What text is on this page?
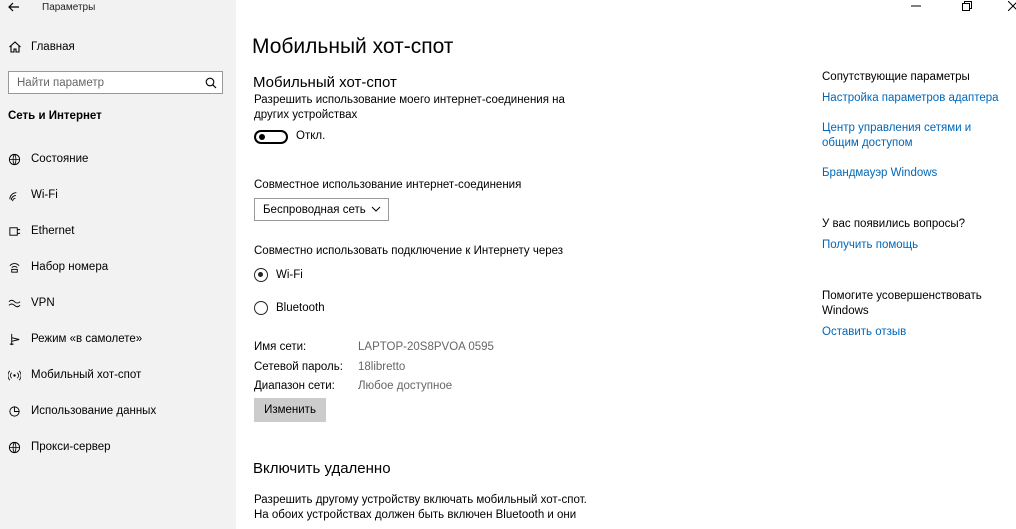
Параметры
Главная
Найти параметр
Сеть и Интернет
Состояние
Wi-Fi
Ethernet
Набор номера
VPN
Режим «в самолете»
Мобильный хот-спот
Использование данных
Прокси-сервер
Мобильный хот-спот
Мобильный хот-спот
Разрешить использование моего интернет-соединения на других устройствах
Откл.
Совместное использование интернет-соединения
Беспроводная сеть
Совместно использовать подключение к Интернету через
Wi-Fi
Bluetooth
Имя сети:	LAPTOP-20S8PVOA 0595
Сетевой пароль: 18libretto
Диапазон сети: Любое доступное
Изменить
Включить удаленно
Разрешить другому устройству включать мобильный хот-спот.
На обоих устройствах должен быть включен Bluetooth и они
Сопутствующие параметры
Настройка параметров адаптера
Центр управления сетями и
общим доступом
Брандмауэр Windows
У вас появились вопросы?
Получить помощь
Помогите усовершенствовать
Windows
Оставить отзыв
